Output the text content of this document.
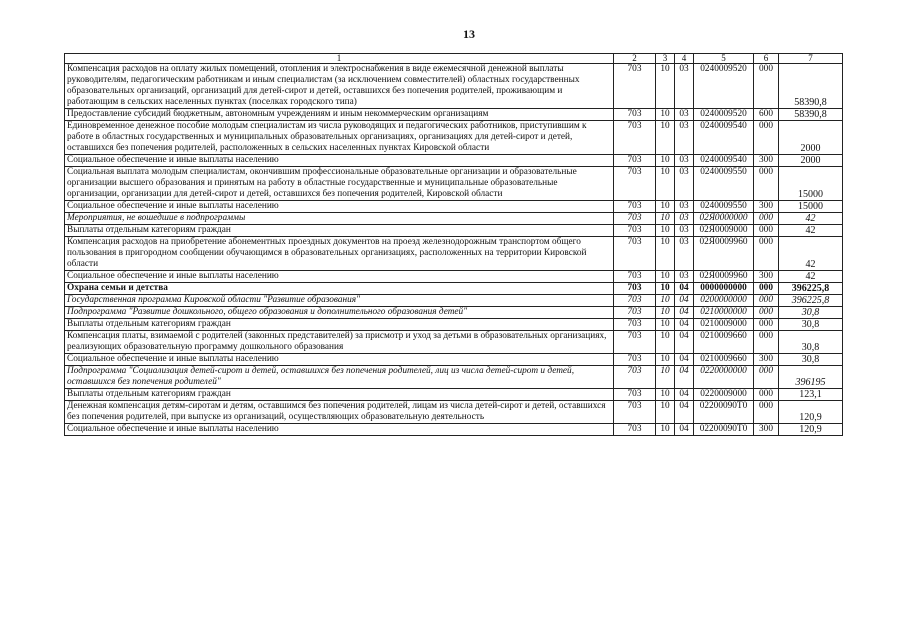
13
1	2	3	4	5	6	7
Компенсация расходов на оплату жилых помещений, отопления и электроснабжения в виде ежемесячной денежной выплаты руководителям, педагогическим работникам и иным специалистам (за исключением совместителей) областных государственных образовательных организаций, организаций для детей-сирот и детей, оставшихся без попечения родителей, проживающим и работающим в сельских населенных пунктах (поселках городского типа)	703	10	03	0240009520	000	58390,8
Предоставление субсидий бюджетным, автономным учреждениям и иным некоммерческим организациям	703	10	03	0240009520	600	58390,8
Единовременное денежное пособие молодым специалистам из числа руководящих и педагогических работников, приступившим к работе в областных государственных и муниципальных образовательных организациях, организациях для детей-сирот и детей, оставшихся без попечения родителей, расположенных в сельских населенных пунктах Кировской области	703	10	03	0240009540	000	2000
Социальное обеспечение и иные выплаты населению	703	10	03	0240009540	300	2000
Социальная выплата молодым специалистам, окончившим профессиональные образовательные организации и образовательные организации высшего образования и принятым на работу в областные государственные и муниципальные образовательные организации, организации для детей-сирот и детей, оставшихся без попечения родителей, Кировской области	703	10	03	0240009550	000	15000
Социальное обеспечение и иные выплаты населению	703	10	03	0240009550	300	15000
Мероприятия, не вошедшие в подпрограммы	703	10	03	02Я0000000	000	42
Выплаты отдельным категориям граждан	703	10	03	02Я0009000	000	42
Компенсация расходов на приобретение абонементных проездных документов на проезд железнодорожным транспортом общего пользования в пригородном сообщении обучающимся в образовательных организациях, расположенных на территории Кировской области	703	10	03	02Я0009960	000	42
Социальное обеспечение и иные выплаты населению	703	10	03	02Я0009960	300	42
Охрана семьи и детства	703	10	04	0000000000	000	396225,8
Государственная программа Кировской области "Развитие образования"	703	10	04	0200000000	000	396225,8
Подпрограмма "Развитие дошкольного, общего образования и дополнительного образования детей"	703	10	04	0210000000	000	30,8
Выплаты отдельным категориям граждан	703	10	04	0210009000	000	30,8
Компенсация платы, взимаемой с родителей (законных представителей) за присмотр и уход за детьми в образовательных организациях, реализующих образовательную программу дошкольного образования	703	10	04	0210009660	000	30,8
Социальное обеспечение и иные выплаты населению	703	10	04	0210009660	300	30,8
Подпрограмма "Социализация детей-сирот и детей, оставшихся без попечения родителей, лиц из числа детей-сирот и детей, оставшихся без попечения родителей"	703	10	04	0220000000	000	396195
Выплаты отдельным категориям граждан	703	10	04	0220009000	000	123,1
Денежная компенсация детям-сиротам и детям, оставшимся без попечения родителей, лицам из числа детей-сирот и детей, оставшихся без попечения родителей, при выпуске из организаций, осуществляющих образовательную деятельность	703	10	04	02200090Т0	000	120,9
Социальное обеспечение и иные выплаты населению	703	10	04	02200090Т0	300	120,9
